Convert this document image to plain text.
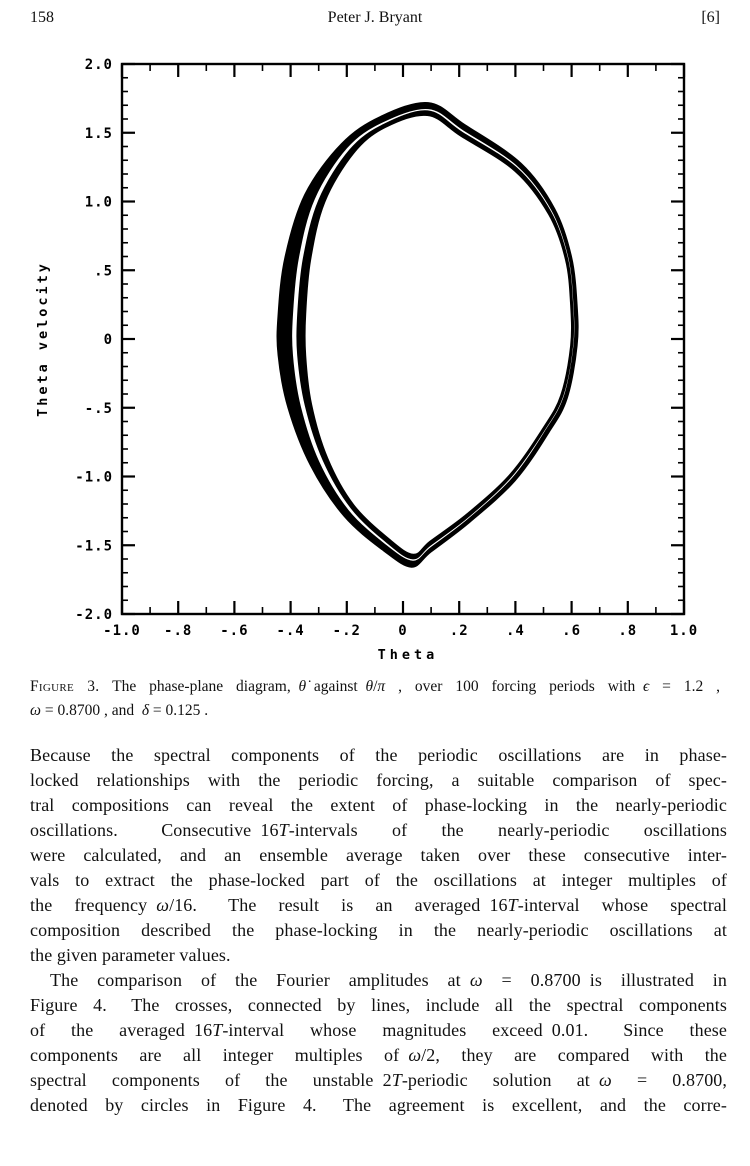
158	Peter J. Bryant	[6]
-1.0 -.8 -.6 -.4 -.2	0	.2	.4	.6	.8 1.0
2.0
1.5
1.0
.5
0
-.5
-1.0
-1.5
-2.0
Theta
Theta velocity
Figure 3. The phase-plane diagram, θ̇ against θ/π , over 100 forcing periods with ϵ = 1.2 ,
ω = 0.8700 , and δ = 0.125 .
Because the spectral components of the periodic oscillations are in phase-
locked relationships with the periodic forcing, a suitable comparison of spec-
tral compositions can reveal the extent of phase-locking in the nearly-periodic
oscillations.  Consecutive 16T-intervals of the nearly-periodic oscillations
were calculated, and an ensemble average taken over these consecutive inter-
vals to extract the phase-locked part of the oscillations at integer multiples of
the frequency ω/16.  The result is an averaged 16T-interval whose spectral
composition described the phase-locking in the nearly-periodic oscillations at
the given parameter values.
The comparison of the Fourier amplitudes at ω = 0.8700 is illustrated in
Figure 4.  The crosses, connected by lines, include all the spectral components
of the averaged 16T-interval whose magnitudes exceed 0.01.  Since these
components are all integer multiples of ω/2, they are compared with the
spectral components of the unstable 2T-periodic solution at ω = 0.8700,
denoted by circles in Figure 4.  The agreement is excellent, and the corre-
